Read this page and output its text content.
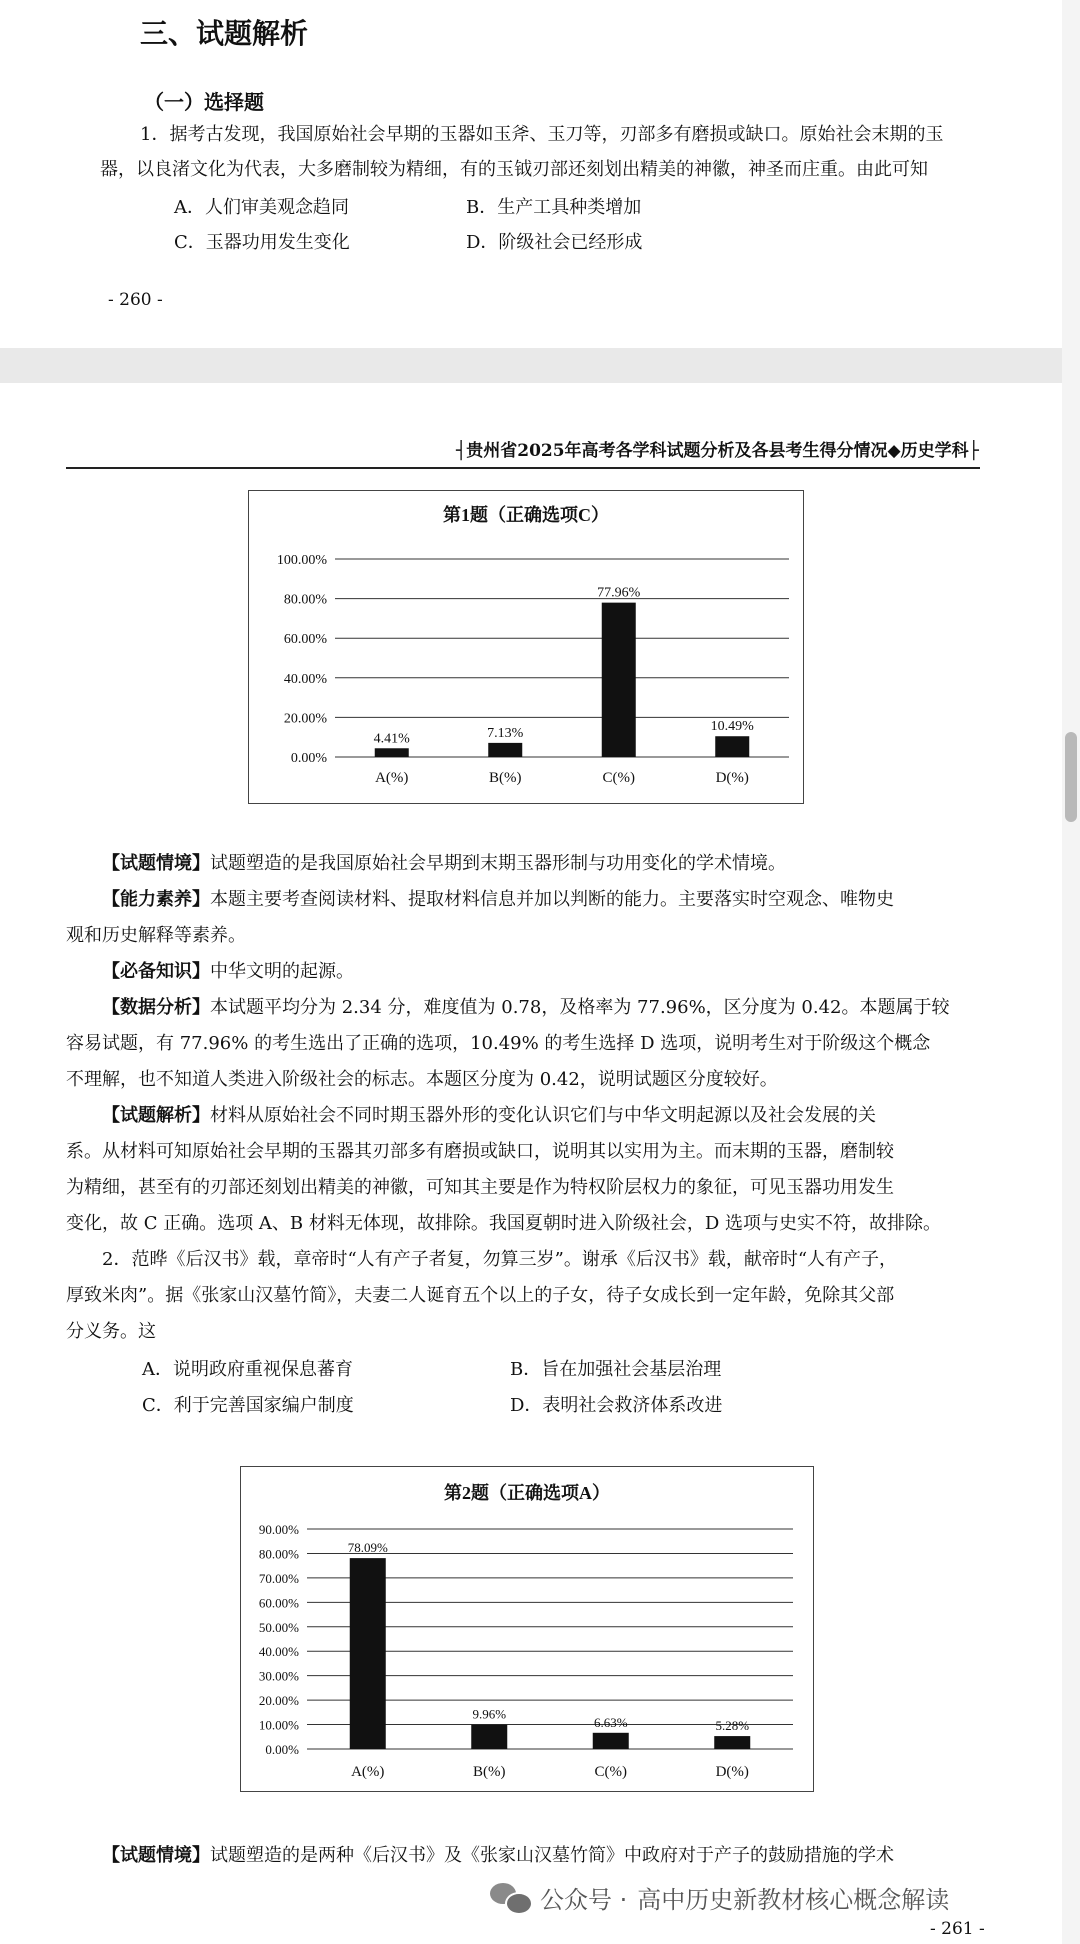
三、试题解析
（一）选择题
1．据考古发现，我国原始社会早期的玉器如玉斧、玉刀等，刃部多有磨损或缺口。原始社会末期的玉
器，以良渚文化为代表，大多磨制较为精细，有的玉钺刃部还刻划出精美的神徽，神圣而庄重。由此可知
A．人们审美观念趋同	B．生产工具种类增加
C．玉器功用发生变化	D．阶级社会已经形成
- 260 -
┤贵州省2025年高考各学科试题分析及各县考生得分情况◆历史学科├
第1题（正确选项C）
0.00%
20.00%
40.00%
60.00%
80.00%
100.00%
4.41%
A(%)
7.13%
B(%)
77.96%
C(%)
10.49%
D(%)
【试题情境】试题塑造的是我国原始社会早期到末期玉器形制与功用变化的学术情境。
【能力素养】本题主要考查阅读材料、提取材料信息并加以判断的能力。主要落实时空观念、唯物史
观和历史解释等素养。
【必备知识】中华文明的起源。
【数据分析】本试题平均分为 2.34 分，难度值为 0.78，及格率为 77.96%，区分度为 0.42。本题属于较
容易试题，有 77.96% 的考生选出了正确的选项，10.49% 的考生选择 D 选项，说明考生对于阶级这个概念
不理解，也不知道人类进入阶级社会的标志。本题区分度为 0.42，说明试题区分度较好。
【试题解析】材料从原始社会不同时期玉器外形的变化认识它们与中华文明起源以及社会发展的关
系。从材料可知原始社会早期的玉器其刃部多有磨损或缺口，说明其以实用为主。而末期的玉器，磨制较
为精细，甚至有的刃部还刻划出精美的神徽，可知其主要是作为特权阶层权力的象征，可见玉器功用发生
变化，故 C 正确。选项 A、B 材料无体现，故排除。我国夏朝时进入阶级社会，D 选项与史实不符，故排除。
2．范晔《后汉书》载，章帝时“人有产子者复，勿算三岁”。谢承《后汉书》载，献帝时“人有产子，
厚致米肉”。据《张家山汉墓竹简》，夫妻二人诞育五个以上的子女，待子女成长到一定年龄，免除其父部
分义务。这
A．说明政府重视保息蕃育	B．旨在加强社会基层治理
C．利于完善国家编户制度	D．表明社会救济体系改进
第2题（正确选项A）
0.00%
10.00%
20.00%
30.00%
40.00%
50.00%
60.00%
70.00%
80.00%
90.00%
78.09%
A(%)
9.96%
B(%)
6.63%
C(%)
5.28%
D(%)
【试题情境】试题塑造的是两种《后汉书》及《张家山汉墓竹简》中政府对于产子的鼓励措施的学术
- 261 -
公众号 · 高中历史新教材核心概念解读
